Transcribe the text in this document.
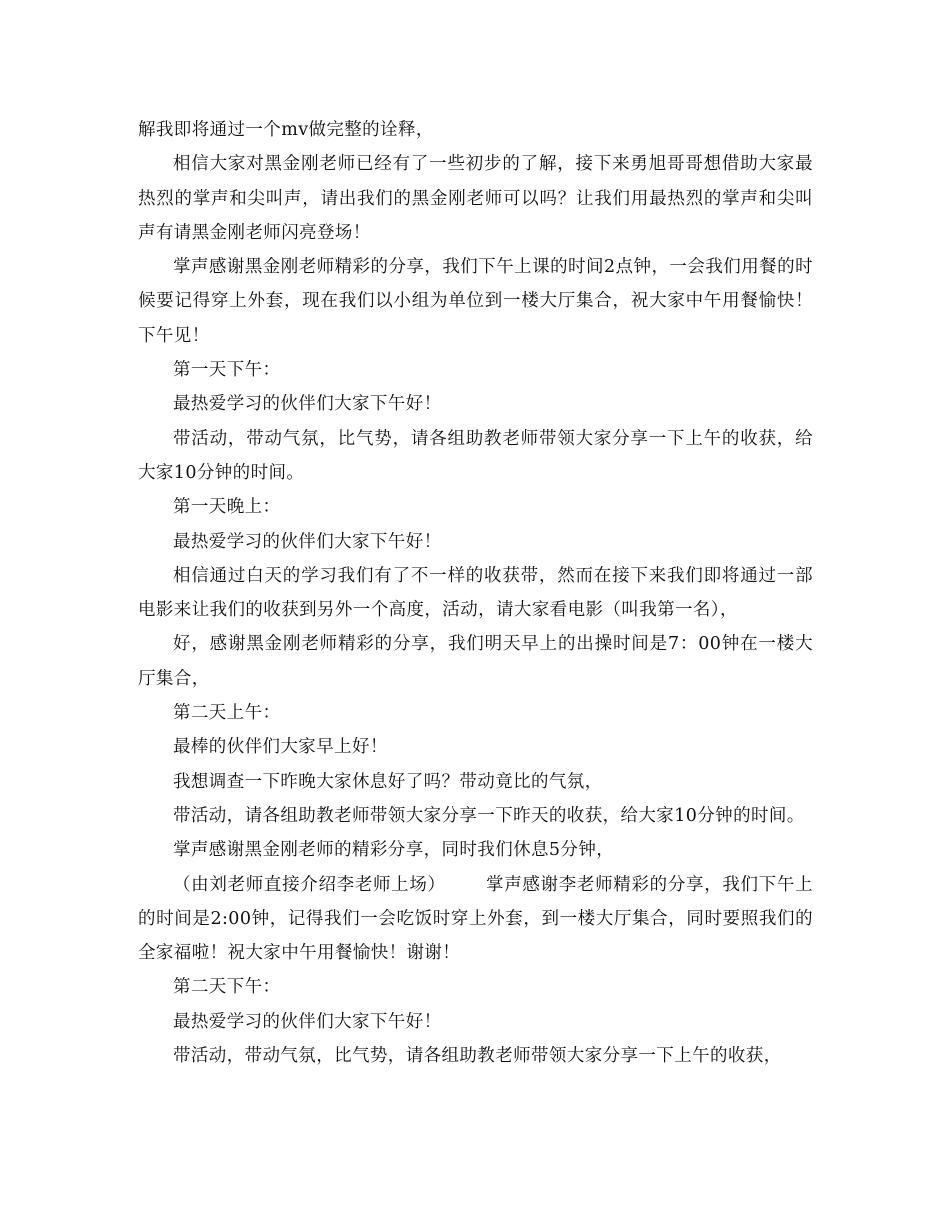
解我即将通过一个mv做完整的诠释，

相信大家对黑金刚老师已经有了一些初步的了解，接下来勇旭哥哥想借助大家最热烈的掌声和尖叫声，请出我们的黑金刚老师可以吗？让我们用最热烈的掌声和尖叫声有请黑金刚老师闪亮登场！

掌声感谢黑金刚老师精彩的分享，我们下午上课的时间2点钟，一会我们用餐的时候要记得穿上外套，现在我们以小组为单位到一楼大厅集合，祝大家中午用餐愉快！下午见！

第一天下午：

最热爱学习的伙伴们大家下午好！

带活动，带动气氛，比气势，请各组助教老师带领大家分享一下上午的收获，给大家10分钟的时间。

第一天晚上：

最热爱学习的伙伴们大家下午好！

相信通过白天的学习我们有了不一样的收获带，然而在接下来我们即将通过一部电影来让我们的收获到另外一个高度，活动，请大家看电影（叫我第一名），

好，感谢黑金刚老师精彩的分享，我们明天早上的出操时间是7：00钟在一楼大厅集合，

第二天上午：

最棒的伙伴们大家早上好！

我想调查一下昨晚大家休息好了吗？带动竟比的气氛，

带活动，请各组助教老师带领大家分享一下昨天的收获，给大家10分钟的时间。

掌声感谢黑金刚老师的精彩分享，同时我们休息5分钟，

（由刘老师直接介绍李老师上场） 掌声感谢李老师精彩的分享，我们下午上的时间是2:00钟，记得我们一会吃饭时穿上外套，到一楼大厅集合，同时要照我们的全家福啦！祝大家中午用餐愉快！谢谢！

第二天下午：

最热爱学习的伙伴们大家下午好！

带活动，带动气氛，比气势，请各组助教老师带领大家分享一下上午的收获，
